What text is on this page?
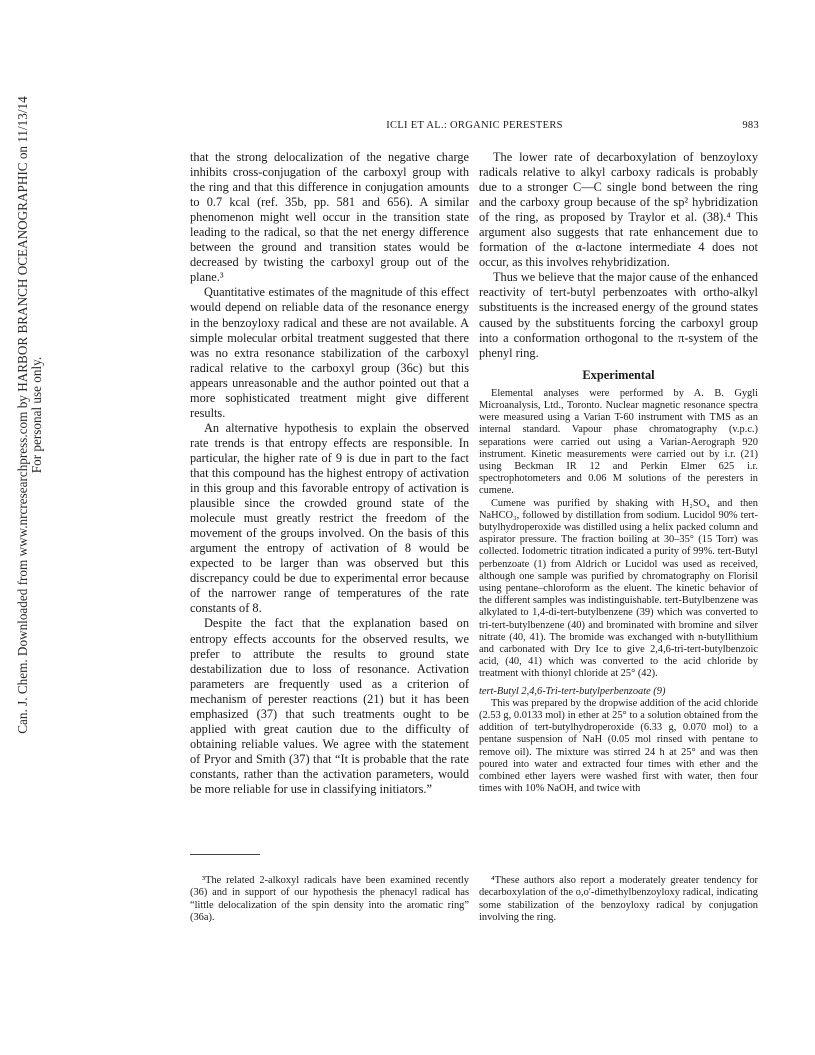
Can. J. Chem. Downloaded from www.nrcresearchpress.com by HARBOR BRANCH OCEANOGRAPHIC on 11/13/14 For personal use only.
ICLI ET AL.: ORGANIC PERESTERS	983

that the strong delocalization of the negative charge inhibits cross-conjugation of the carboxyl group with the ring and that this difference in conjugation amounts to 0.7 kcal (ref. 35b, pp. 581 and 656). A similar phenomenon might well occur in the transition state leading to the radical, so that the net energy difference between the ground and transition states would be decreased by twisting the carboxyl group out of the plane.³

Quantitative estimates of the magnitude of this effect would depend on reliable data of the resonance energy in the benzoyloxy radical and these are not available. A simple molecular orbital treatment suggested that there was no extra resonance stabilization of the carboxyl radical relative to the carboxyl group (36c) but this appears unreasonable and the author pointed out that a more sophisticated treatment might give different results.

An alternative hypothesis to explain the observed rate trends is that entropy effects are responsible. In particular, the higher rate of 9 is due in part to the fact that this compound has the highest entropy of activation in this group and this favorable entropy of activation is plausible since the crowded ground state of the molecule must greatly restrict the freedom of the movement of the groups involved. On the basis of this argument the entropy of activation of 8 would be expected to be larger than was observed but this discrepancy could be due to experimental error because of the narrower range of temperatures of the rate constants of 8.

Despite the fact that the explanation based on entropy effects accounts for the observed results, we prefer to attribute the results to ground state destabilization due to loss of resonance. Activation parameters are frequently used as a criterion of mechanism of perester reactions (21) but it has been emphasized (37) that such treatments ought to be applied with great caution due to the difficulty of obtaining reliable values. We agree with the statement of Pryor and Smith (37) that “It is probable that the rate constants, rather than the activation parameters, would be more reliable for use in classifying initiators.”

The lower rate of decarboxylation of benzoyloxy radicals relative to alkyl carboxy radicals is probably due to a stronger C—C single bond between the ring and the carboxy group because of the sp² hybridization of the ring, as proposed by Traylor et al. (38).⁴ This argument also suggests that rate enhancement due to formation of the α-lactone intermediate 4 does not occur, as this involves rehybridization.

Thus we believe that the major cause of the enhanced reactivity of tert-butyl perbenzoates with ortho-alkyl substituents is the increased energy of the ground states caused by the substituents forcing the carboxyl group into a conformation orthogonal to the π-system of the phenyl ring.

Experimental

Elemental analyses were performed by A. B. Gygli Microanalysis, Ltd., Toronto. Nuclear magnetic resonance spectra were measured using a Varian T-60 instrument with TMS as an internal standard. Vapour phase chromatography (v.p.c.) separations were carried out using a Varian-Aerograph 920 instrument. Kinetic measurements were carried out by i.r. (21) using Beckman IR 12 and Perkin Elmer 625 i.r. spectrophotometers and 0.06 M solutions of the peresters in cumene.

Cumene was purified by shaking with H₂SO₄ and then NaHCO₃, followed by distillation from sodium. Lucidol 90% tert-butylhydroperoxide was distilled using a helix packed column and aspirator pressure. The fraction boiling at 30–35° (15 Torr) was collected. Iodometric titration indicated a purity of 99%. tert-Butyl perbenzoate (1) from Aldrich or Lucidol was used as received, although one sample was purified by chromatography on Florisil using pentane–chloroform as the eluent. The kinetic behavior of the different samples was indistinguishable. tert-Butylbenzene was alkylated to 1,4-di-tert-butylbenzene (39) which was converted to tri-tert-butylbenzene (40) and brominated with bromine and silver nitrate (40, 41). The bromide was exchanged with n-butyllithium and carbonated with Dry Ice to give 2,4,6-tri-tert-butylbenzoic acid, (40, 41) which was converted to the acid chloride by treatment with thionyl chloride at 25° (42).

tert-Butyl 2,4,6-Tri-tert-butylperbenzoate (9)

This was prepared by the dropwise addition of the acid chloride (2.53 g, 0.0133 mol) in ether at 25° to a solution obtained from the addition of tert-butylhydroperoxide (6.33 g, 0.070 mol) to a pentane suspension of NaH (0.05 mol rinsed with pentane to remove oil). The mixture was stirred 24 h at 25° and was then poured into water and extracted four times with ether and the combined ether layers were washed first with water, then four times with 10% NaOH, and twice with

³The related 2-alkoxyl radicals have been examined recently (36) and in support of our hypothesis the phenacyl radical has “little delocalization of the spin density into the aromatic ring” (36a).

⁴These authors also report a moderately greater tendency for decarboxylation of the o,o′-dimethylbenzoyloxy radical, indicating some stabilization of the benzoyloxy radical by conjugation involving the ring.
